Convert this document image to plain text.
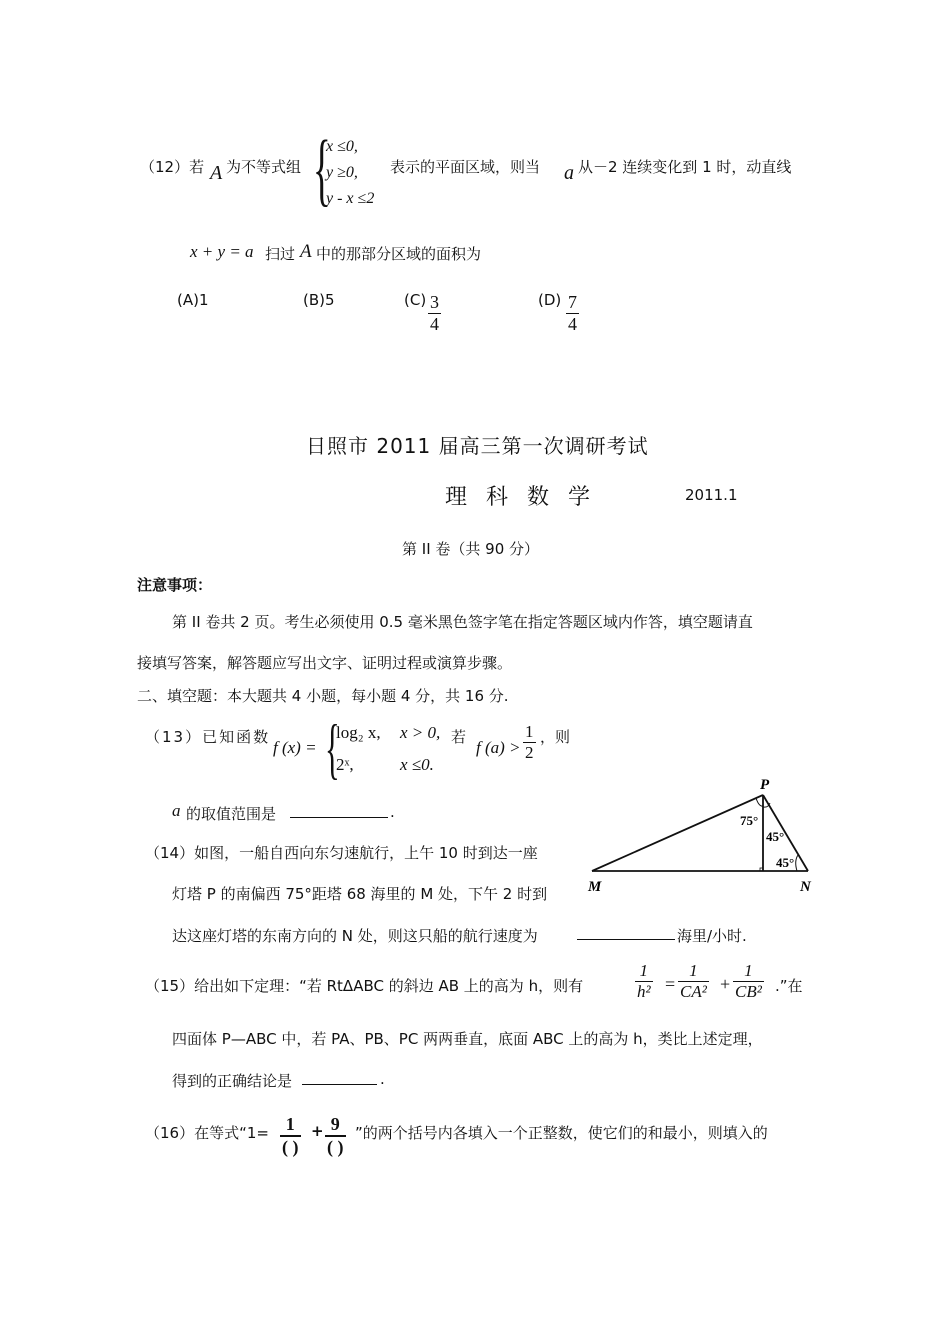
（12）若 A 为不等式组 {
x ≤0,
y ≥0,
y - x ≤2
表示的平面区域，则当 a 从－2 连续变化到 1 时，动直线
x + y = a 扫过 A 中的那部分区域的面积为
(A)1	(B)5	$(C) \frac{3}{4}$	$(D) \frac{7}{4}$
日照市 2011 届高三第一次调研考试
理 科 数 学	2011.1
第 II 卷（共 90 分）
注意事项：
第 II 卷共 2 页。考生必须使用 0.5 毫米黑色签字笔在指定答题区域内作答，填空题请直
接填写答案，解答题应写出文字、证明过程或演算步骤。
二、填空题：本大题共 4 小题，每小题 4 分，共 16 分.
（13）已知函数
f (x) = {
log₂ x, x > 0,
2ˣ,	x ≤0.
若
f $(a) > \frac{1}{2}$ ，则
a 的取值范围是	.
（14）如图，一船自西向东匀速航行，上午 10 时到达一座
灯塔 P 的南偏西 75°距塔 68 海里的 M 处，下午 2 时到
达这座灯塔的东南方向的 N 处，则这只船的航行速度为	海里/小时.
P
M	N
75°
45°
45°
（15）给出如下定理：“若 RtΔABC 的斜边 AB 上的高为 h，则有	$\frac{1}{\text{h²}} = \frac{1}{\text{CA²}} + \frac{1}{\text{CB²}}$ .”在
四面体 P—ABC 中，若 PA、PB、PC 两两垂直，底面 ABC 上的高为 h，类比上述定理，
得到的正确结论是	.
（16）在等式“$1= \frac{1}{( )} + \frac{9}{( )}$ ”的两个括号内各填入一个正整数，使它们的和最小，则填入的
